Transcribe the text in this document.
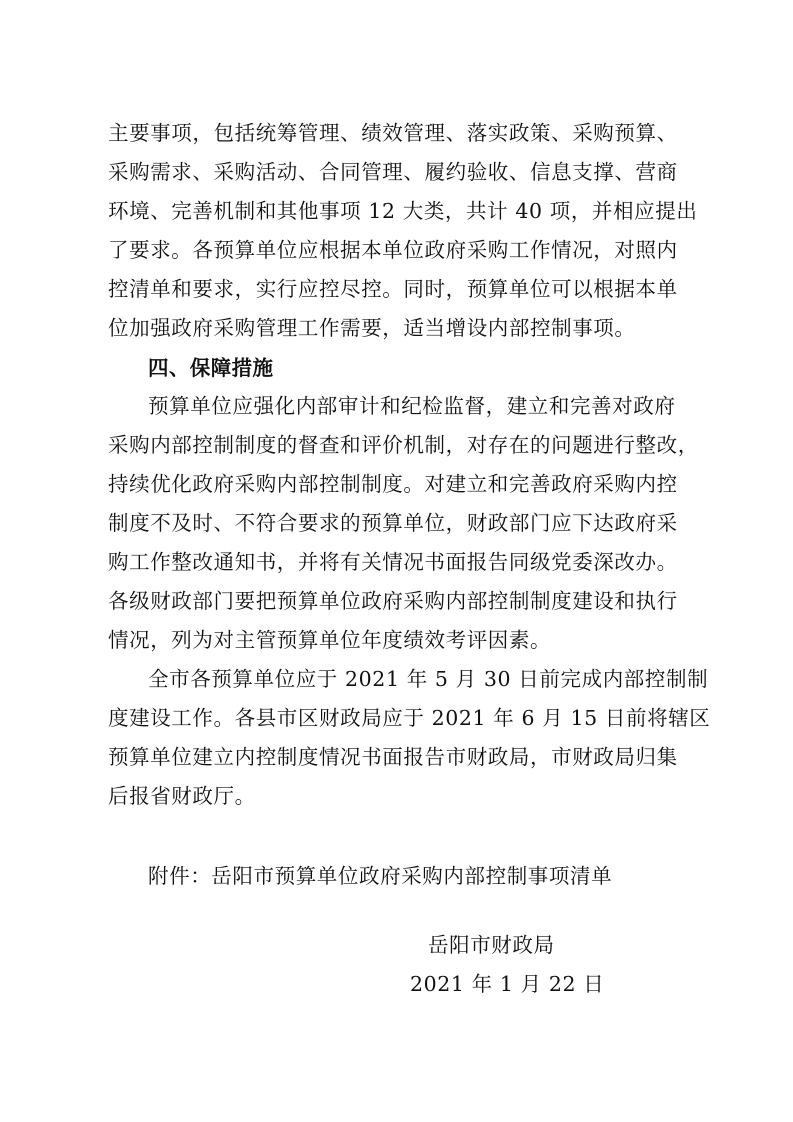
主要事项，包括统筹管理、绩效管理、落实政策、采购预算、
采购需求、采购活动、合同管理、履约验收、信息支撑、营商
环境、完善机制和其他事项 12 大类，共计 40 项，并相应提出
了要求。各预算单位应根据本单位政府采购工作情况，对照内
控清单和要求，实行应控尽控。同时，预算单位可以根据本单
位加强政府采购管理工作需要，适当增设内部控制事项。
四、保障措施
预算单位应强化内部审计和纪检监督，建立和完善对政府
采购内部控制制度的督查和评价机制，对存在的问题进行整改，
持续优化政府采购内部控制制度。对建立和完善政府采购内控
制度不及时、不符合要求的预算单位，财政部门应下达政府采
购工作整改通知书，并将有关情况书面报告同级党委深改办。
各级财政部门要把预算单位政府采购内部控制制度建设和执行
情况，列为对主管预算单位年度绩效考评因素。
全市各预算单位应于 2021 年 5 月 30 日前完成内部控制制
度建设工作。各县市区财政局应于 2021 年 6 月 15 日前将辖区
预算单位建立内控制度情况书面报告市财政局，市财政局归集
后报省财政厅。
附件：岳阳市预算单位政府采购内部控制事项清单
岳阳市财政局
2021 年 1 月 22 日
